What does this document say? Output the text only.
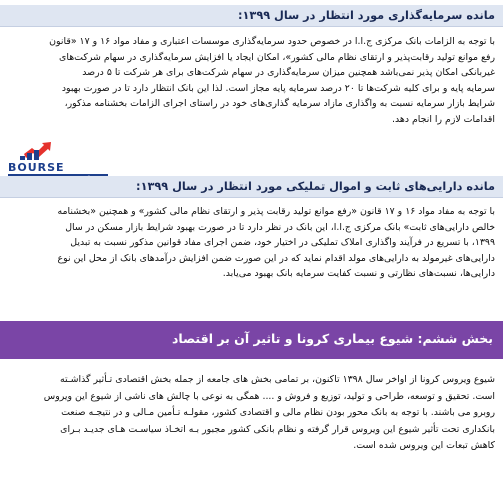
مانده سرمایه‌گذاری مورد انتظار در سال ۱۳۹۹:
با توجه به الزامات بانک مرکزی ج.ا.ا در خصوص حدود سرمایه‌گذاری موسسات اعتباری و مفاد مواد ۱۶ و ۱۷ «قانون
رفع موانع تولید رقابت‌پذیر و ارتقای نظام مالی کشور»، امکان ایجاد یا افزایش سرمایه‌گذاری در سهام شرکت‌های
غیربانکی امکان پذیر نمی‌باشد همچنین میزان سرمایه‌گذاری در سهام شرکت‌های برای هر شرکت تا ۵ درصد
سرمایه پایه و برای کلیه شرکت‌ها تا ۲۰ درصد سرمایه پایه مجاز است. لذا این بانک انتظار دارد تا در صورت بهبود
شرایط بازار سرمایه نسبت به واگذاری مازاد سرمایه گذاری‌های خود در راستای اجرای الزامات بخشنامه مذکور،
اقدامات لازم را انجام دهد.
BOURSE
مانده دارایی‌های ثابت و اموال تملیکی مورد انتظار در سال ۱۳۹۹:
با توجه به مفاد مواد ۱۶ و ۱۷ قانون «رفع موانع تولید رقابت پذیر و ارتقای نظام مالی کشور» و همچنین «بخشنامه
خالص دارایی‌های ثابت» بانک مرکزی ج.ا.ا، این بانک در نظر دارد تا در صورت بهبود شرایط بازار مسکن در سال
۱۳۹۹، با تسریع در فرآیند واگذاری املاک تملیکی در اختیار خود، ضمن اجرای مفاد قوانین مذکور نسبت به تبدیل
دارایی‌های غیرمولد به دارایی‌های مولد اقدام نماید که در این صورت ضمن افزایش درآمدهای بانک از محل این نوع
دارایی‌ها، نسبت‌های نظارتی و نسبت کفایت سرمایه بانک بهبود می‌یابد.
بخش ششم: شیوع بیماری کرونا و تاثیر آن بر اقتصاد
شیوع ویروس کرونا از اواخر سال ۱۳۹۸ تاکنون، بر تمامی بخش های جامعه از جمله بخش اقتصادی تـأثیر گذاشـته
است. تحقیق و توسعه، طراحی و تولید، توزیع و فروش و .... همگی به نوعی با چالش های ناشی از شیوع این ویروس
روبرو می باشند. با توجه به بانک محور بودن نظام مالی و اقتصادی کشور، مقولـه تـأمین مـالی و در نتیجـه صنعت
بانکداری تحت تأثیر شیوع این ویروس قرار گرفته و نظام بانکی کشور مجبور بـه اتخـاذ سیاسـت هـای جدیـد بـرای
کاهش تبعات این ویروس شده است.
